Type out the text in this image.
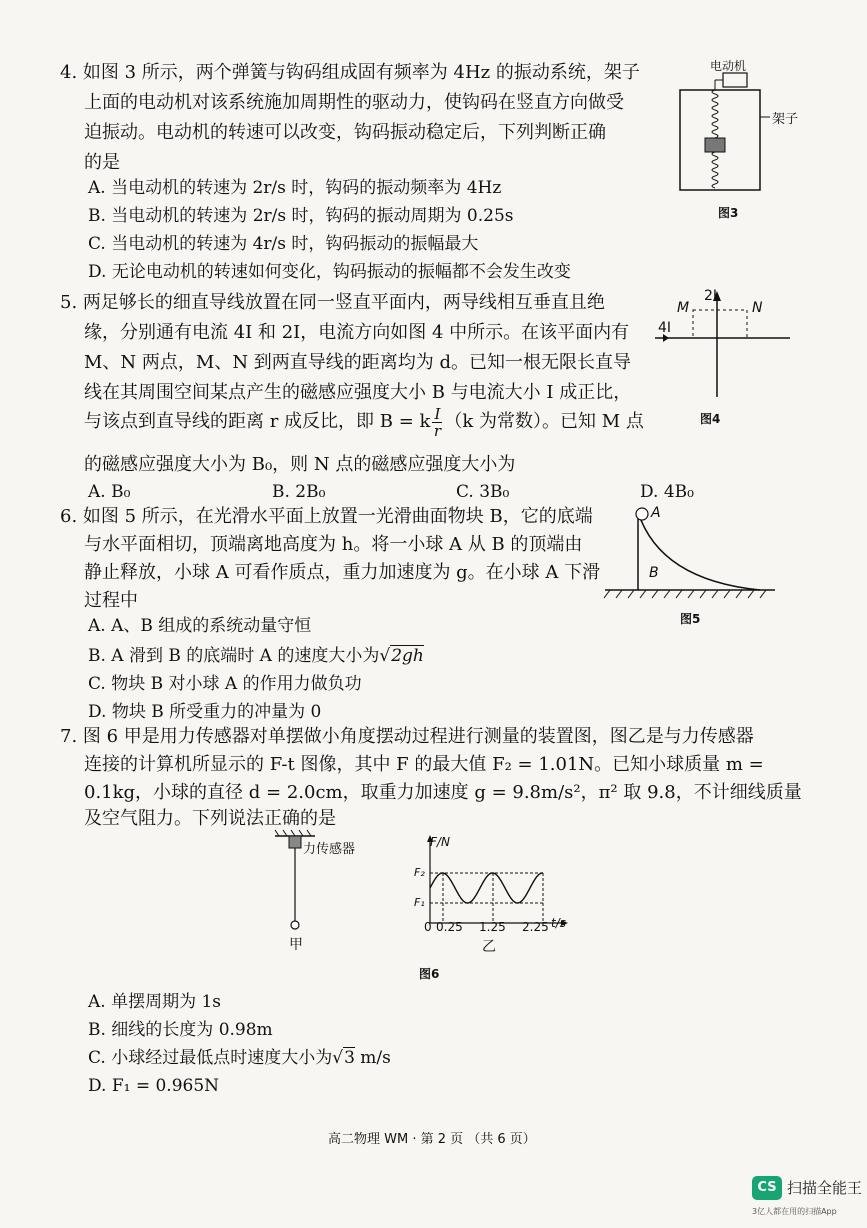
4. 如图 3 所示，两个弹簧与钩码组成固有频率为 4Hz 的振动系统，架子
上面的电动机对该系统施加周期性的驱动力，使钩码在竖直方向做受
迫振动。电动机的转速可以改变，钩码振动稳定后，下列判断正确
的是
A. 当电动机的转速为 2r/s 时，钩码的振动频率为 4Hz
B. 当电动机的转速为 2r/s 时，钩码的振动周期为 0.25s
C. 当电动机的转速为 4r/s 时，钩码振动的振幅最大
D. 无论电动机的转速如何变化，钩码振动的振幅都不会发生改变
电动机
架子
图3
5. 两足够长的细直导线放置在同一竖直平面内，两导线相互垂直且绝
缘，分别通有电流 4I 和 2I，电流方向如图 4 中所示。在该平面内有
M、N 两点，M、N 到两直导线的距离均为 d。已知一根无限长直导
线在其周围空间某点产生的磁感应强度大小 B 与电流大小 I 成正比，
与该点到直导线的距离 r 成反比，即 B = k $\frac{I}{r} (k$ 为常数）。已知 M 点
的磁感应强度大小为 B₀，则 N 点的磁感应强度大小为
A. B₀	B. 2B₀	C. 3B₀	D. 4B₀
M	N
2I
4I
图4
6. 如图 5 所示，在光滑水平面上放置一光滑曲面物块 B，它的底端
与水平面相切，顶端离地高度为 h。将一小球 A 从 B 的顶端由
静止释放，小球 A 可看作质点，重力加速度为 g。在小球 A 下滑
过程中
A. A、B 组成的系统动量守恒
B. A 滑到 B 的底端时 A 的速度大小为√2gh
C. 物块 B 对小球 A 的作用力做负功
D. 物块 B 所受重力的冲量为 0
A
B
图5
7. 图 6 甲是用力传感器对单摆做小角度摆动过程进行测量的装置图，图乙是与力传感器
连接的计算机所显示的 F-t 图像，其中 F 的最大值 F₂ = 1.01N。已知小球质量 m =
0.1kg，小球的直径 d = 2.0cm，取重力加速度 g = 9.8m/s²，π² 取 9.8，不计细线质量
及空气阻力。下列说法正确的是
力传感器
甲
F/N
F₂
F₁
0 0.25 1.25 2.25 t/s
乙
图6
A. 单摆周期为 1s
B. 细线的长度为 0.98m
C. 小球经过最低点时速度大小为√3 m/s
D. F₁ = 0.965N
高二物理 WM · 第 2 页 （共 6 页）
CS 扫描全能王
3亿人都在用的扫描App
